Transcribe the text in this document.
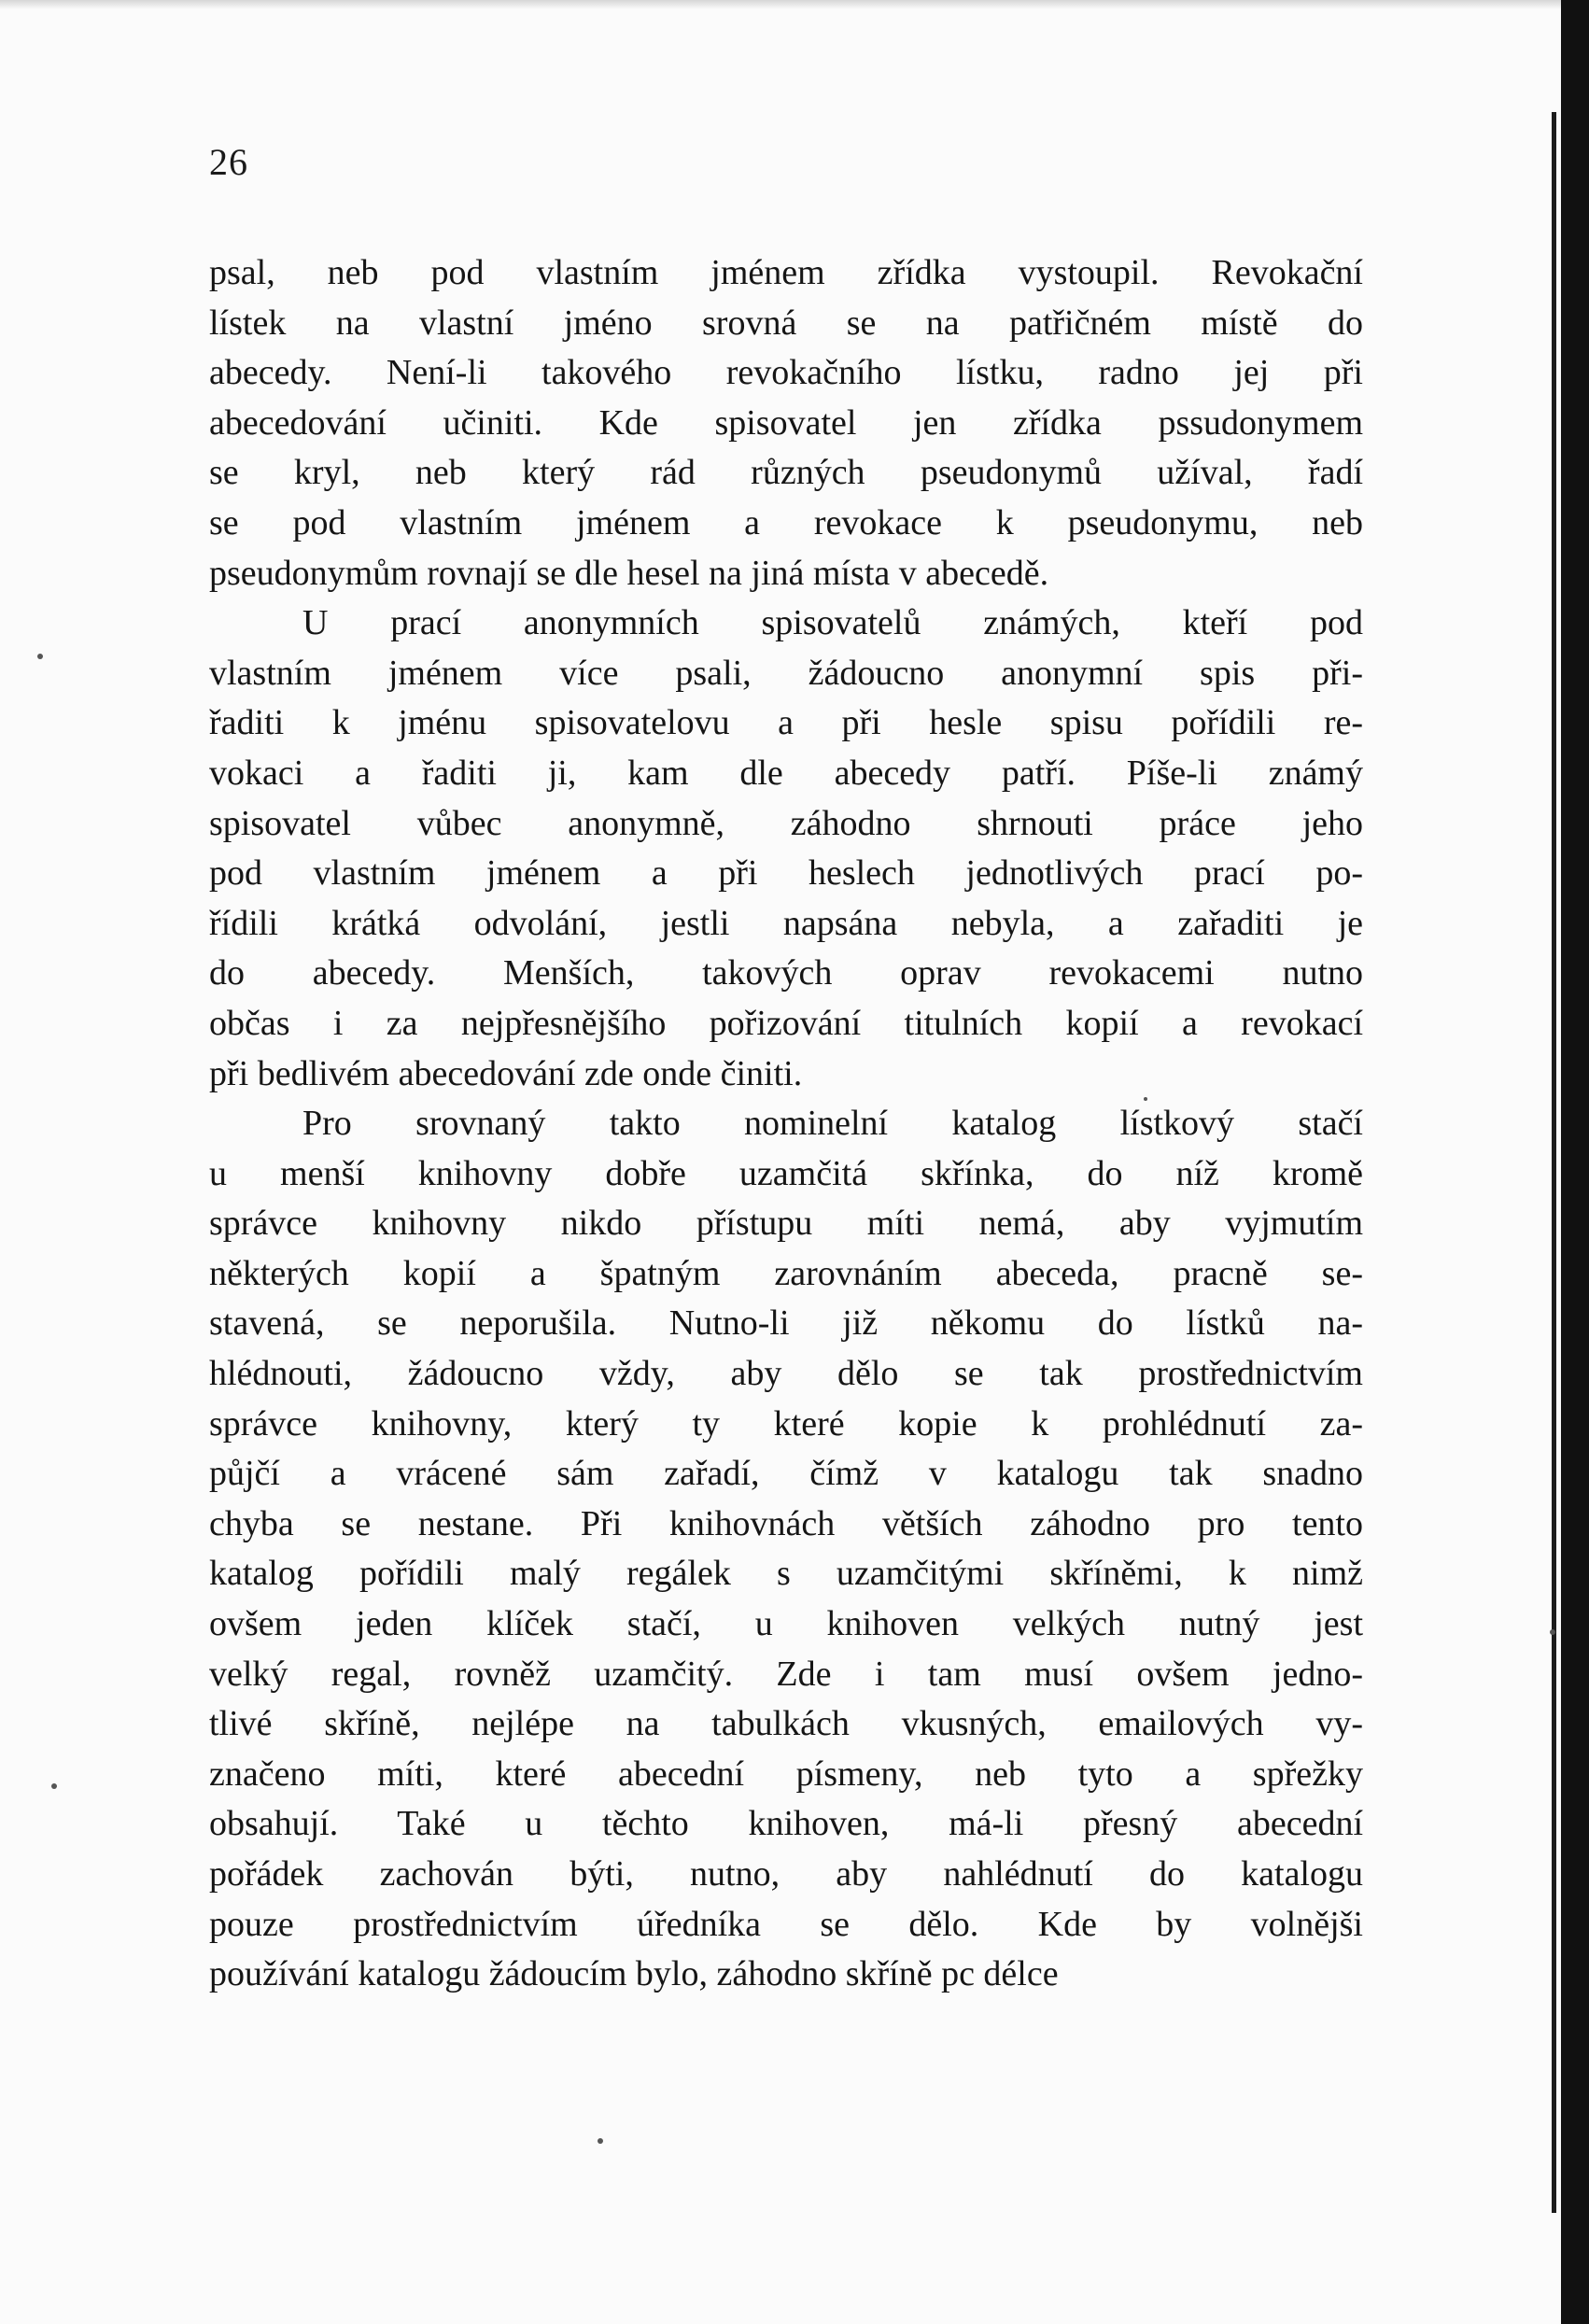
26
psal, neb pod vlastním jménem zřídka vystoupil. Revokační
lístek na vlastní jméno srovná se na patřičném místě do
abecedy. Není-li takového revokačního lístku, radno jej při
abecedování učiniti. Kde spisovatel jen zřídka pssudonymem
se kryl, neb který rád různých pseudonymů užíval, řadí
se pod vlastním jménem a revokace k pseudonymu, neb
pseudonymům rovnají se dle hesel na jiná místa v abecedě.
U prací anonymních spisovatelů známých, kteří pod
vlastním jménem více psali, žádoucno anonymní spis při-
řaditi k jménu spisovatelovu a při hesle spisu pořídili re-
vokaci a řaditi ji, kam dle abecedy patří. Píše-li známý
spisovatel vůbec anonymně, záhodno shrnouti práce jeho
pod vlastním jménem a při heslech jednotlivých prací po-
řídili krátká odvolání, jestli napsána nebyla, a zařaditi je
do abecedy. Menších, takových oprav revokacemi nutno
občas i za nejpřesnějšího pořizování titulních kopií a revokací
při bedlivém abecedování zde onde činiti.
Pro srovnaný takto nominelní katalog lístkový stačí
u menší knihovny dobře uzamčitá skřínka, do níž kromě
správce knihovny nikdo přístupu míti nemá, aby vyjmutím
některých kopií a špatným zarovnáním abeceda, pracně se-
stavená, se neporušila. Nutno-li již někomu do lístků na-
hlédnouti, žádoucno vždy, aby dělo se tak prostřednictvím
správce knihovny, který ty které kopie k prohlédnutí za-
půjčí a vrácené sám zařadí, čímž v katalogu tak snadno
chyba se nestane. Při knihovnách větších záhodno pro tento
katalog pořídili malý regálek s uzamčitými skříněmi, k nimž
ovšem jeden klíček stačí, u knihoven velkých nutný jest
velký regal, rovněž uzamčitý. Zde i tam musí ovšem jedno-
tlivé skříně, nejlépe na tabulkách vkusných, emailových vy-
značeno míti, které abecední písmeny, neb tyto a spřežky
obsahují. Také u těchto knihoven, má-li přesný abecední
pořádek zachován býti, nutno, aby nahlédnutí do katalogu
pouze prostřednictvím úředníka se dělo. Kde by volnějši
používání katalogu žádoucím bylo, záhodno skříně pc délce
